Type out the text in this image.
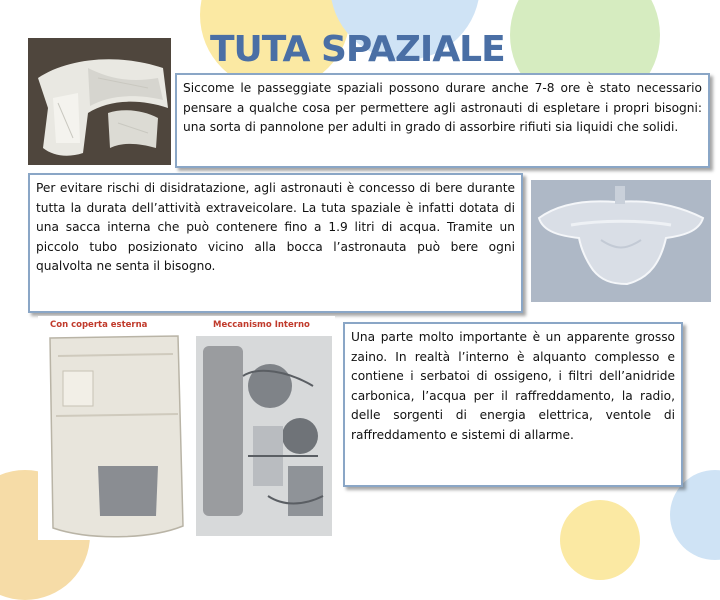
TUTA SPAZIALE

Siccome le passeggiate spaziali possono durare anche 7-8 ore è stato necessario pensare a qualche cosa per permettere agli astronauti di espletare i propri bisogni: una sorta di pannolone per adulti in grado di assorbire rifiuti sia liquidi che solidi.

Per evitare rischi di disidratazione, agli astronauti è concesso di bere durante tutta la durata dell’attività extraveicolare. La tuta spaziale è infatti dotata di una sacca interna che può contenere fino a 1.9 litri di acqua. Tramite un piccolo tubo posizionato vicino alla bocca l’astronauta può bere ogni qualvolta ne senta il bisogno.

Con coperta esterna	Meccanismo Interno

Una parte molto importante è un apparente grosso zaino. In realtà l’interno è alquanto complesso e contiene i serbatoi di ossigeno, i filtri dell’anidride carbonica, l’acqua per il raffreddamento, la radio, delle sorgenti di energia elettrica, ventole di raffreddamento e sistemi di allarme.
